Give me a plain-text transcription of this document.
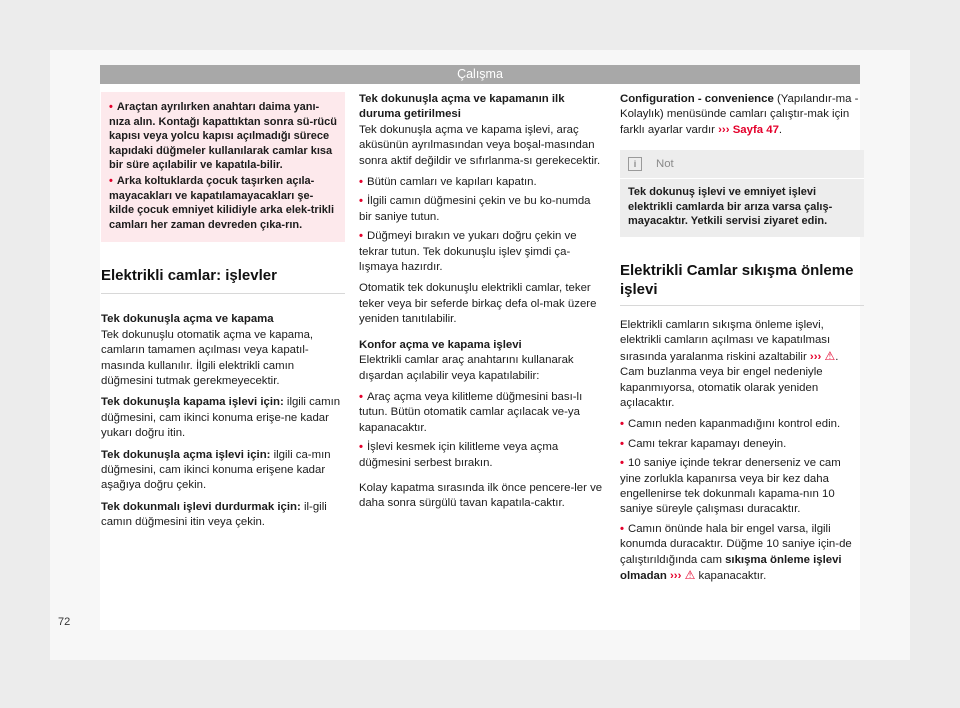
Çalışma

• Araçtan ayrılırken anahtarı daima yanı-nıza alın. Kontağı kapattıktan sonra sü-rücü kapısı veya yolcu kapısı açılmadığı sürece kapıdaki düğmeler kullanılarak camlar kısa bir süre açılabilir ve kapatıla-bilir.

• Arka koltuklarda çocuk taşırken açıla-mayacakları ve kapatılamayacakları şe-kilde çocuk emniyet kilidiyle arka elek-trikli camları her zaman devreden çıka-rın.

Elektrikli camlar: işlevler

Tek dokunuşla açma ve kapama

Tek dokunuşlu otomatik açma ve kapama, camların tamamen açılması veya kapatıl-masında kullanılır. İlgili elektrikli camın düğmesini tutmak gerekmeyecektir.

Tek dokunuşla kapama işlevi için: ilgili camın düğmesini, cam ikinci konuma erişe-ne kadar yukarı doğru itin.

Tek dokunuşla açma işlevi için: ilgili ca-mın düğmesini, cam ikinci konuma erişene kadar aşağıya doğru çekin.

Tek dokunmalı işlevi durdurmak için: il-gili camın düğmesini itin veya çekin.

Tek dokunuşla açma ve kapamanın ilk duruma getirilmesi

Tek dokunuşla açma ve kapama işlevi, araç aküsünün ayrılmasından veya boşal-masından sonra aktif değildir ve sıfırlanma-sı gerekecektir.

• Bütün camları ve kapıları kapatın.

• İlgili camın düğmesini çekin ve bu ko-numda bir saniye tutun.

• Düğmeyi bırakın ve yukarı doğru çekin ve tekrar tutun. Tek dokunuşlu işlev şimdi ça-lışmaya hazırdır.

Otomatik tek dokunuşlu elektrikli camlar, teker teker veya bir seferde birkaç defa ol-mak üzere yeniden tanıtılabilir.

Konfor açma ve kapama işlevi

Elektrikli camlar araç anahtarını kullanarak dışardan açılabilir veya kapatılabilir:

• Araç açma veya kilitleme düğmesini bası-lı tutun. Bütün otomatik camlar açılacak ve-ya kapanacaktır.

• İşlevi kesmek için kilitleme veya açma düğmesini serbest bırakın.

Kolay kapatma sırasında ilk önce pencere-ler ve daha sonra sürgülü tavan kapatıla-caktır.

Configuration - convenience (Yapılandır-ma - Kolaylık) menüsünde camları çalıştır-mak için farklı ayarlar vardır ››› Sayfa 47.

i	Not
Tek dokunuş işlevi ve emniyet işlevi elektrikli camlarda bir arıza varsa çalış-mayacaktır. Yetkili servisi ziyaret edin.
Elektrikli Camlar sıkışma önleme işlevi

Elektrikli camların sıkışma önleme işlevi, elektrikli camların açılması ve kapatılması sırasında yaralanma riskini azaltabilir ››› ⚠. Cam buzlanma veya bir engel nedeniyle kapanmıyorsa, otomatik olarak yeniden açılacaktır.

• Camın neden kapanmadığını kontrol edin.

• Camı tekrar kapamayı deneyin.

• 10 saniye içinde tekrar denerseniz ve cam yine zorlukla kapanırsa veya bir kez daha engellenirse tek dokunmalı kapama-nın 10 saniye süreyle çalışması duracaktır.

• Camın önünde hala bir engel varsa, ilgili konumda duracaktır. Düğme 10 saniye için-de çalıştırıldığında cam sıkışma önleme işlevi olmadan ››› ⚠ kapanacaktır.

72
